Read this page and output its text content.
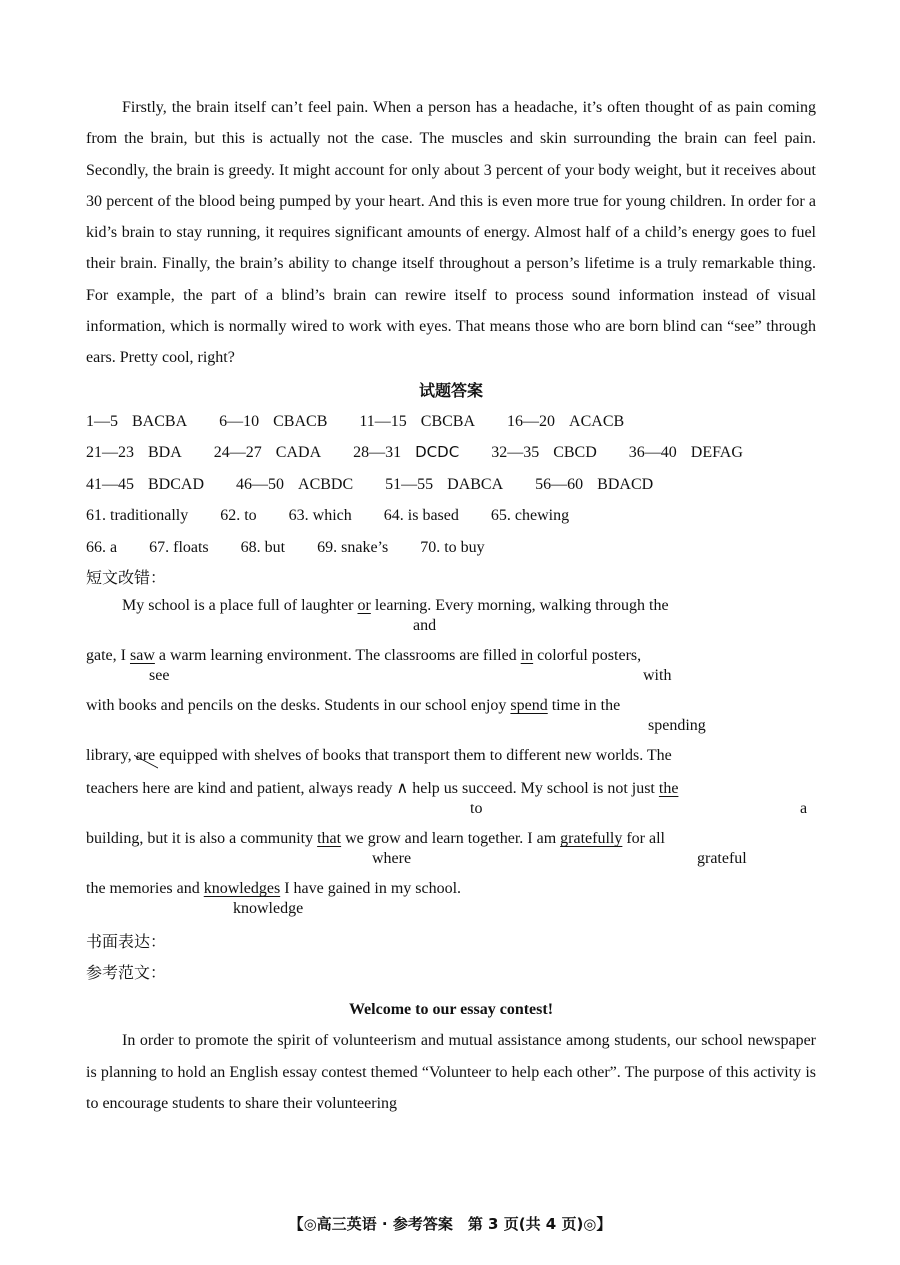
Firstly, the brain itself can’t feel pain. When a person has a headache, it’s often thought of as pain coming from the brain, but this is actually not the case. The muscles and skin surrounding the brain can feel pain. Secondly, the brain is greedy. It might account for only about 3 percent of your body weight, but it receives about 30 percent of the blood being pumped by your heart. And this is even more true for young children. In order for a kid’s brain to stay running, it requires significant amounts of energy. Almost half of a child’s energy goes to fuel their brain. Finally, the brain’s ability to change itself throughout a person’s lifetime is a truly remarkable thing. For example, the part of a blind’s brain can rewire itself to process sound information instead of visual information, which is normally wired to work with eyes. That means those who are born blind can “see” through ears. Pretty cool, right?

试题答案
1—5 BACBA 6—10 CBACB 11—15 CBCBA 16—20 ACACB
21—23 BDA 24—27 CADA 28—31 DCDC 32—35 CBCD 36—40 DEFAG
41—45 BDCAD 46—50 ACBDC 51—55 DABCA 56—60 BDACD
61. traditionally 62. to 63. which 64. is based 65. chewing
66. a 67. floats 68. but 69. snake’s 70. to buy
短文改错：
My school is a place full of laughter or learning. Every morning, walking through the
and
gate, I saw a warm learning environment. The classrooms are filled in colorful posters,
see	with
with books and pencils on the desks. Students in our school enjoy spend time in the
spending
library, are equipped with shelves of books that transport them to different new worlds. The
teachers here are kind and patient, always ready ∧ help us succeed. My school is not just the
to	a
building, but it is also a community that we grow and learn together. I am gratefully for all
where	grateful
the memories and knowledges I have gained in my school.
knowledge
书面表达：
参考范文：
Welcome to our essay contest!

In order to promote the spirit of volunteerism and mutual assistance among students, our school newspaper is planning to hold an English essay contest themed “Volunteer to help each other”. The purpose of this activity is to encourage students to share their volunteering

【◎高三英语 · 参考答案　第 3 页(共 4 页)◎】
